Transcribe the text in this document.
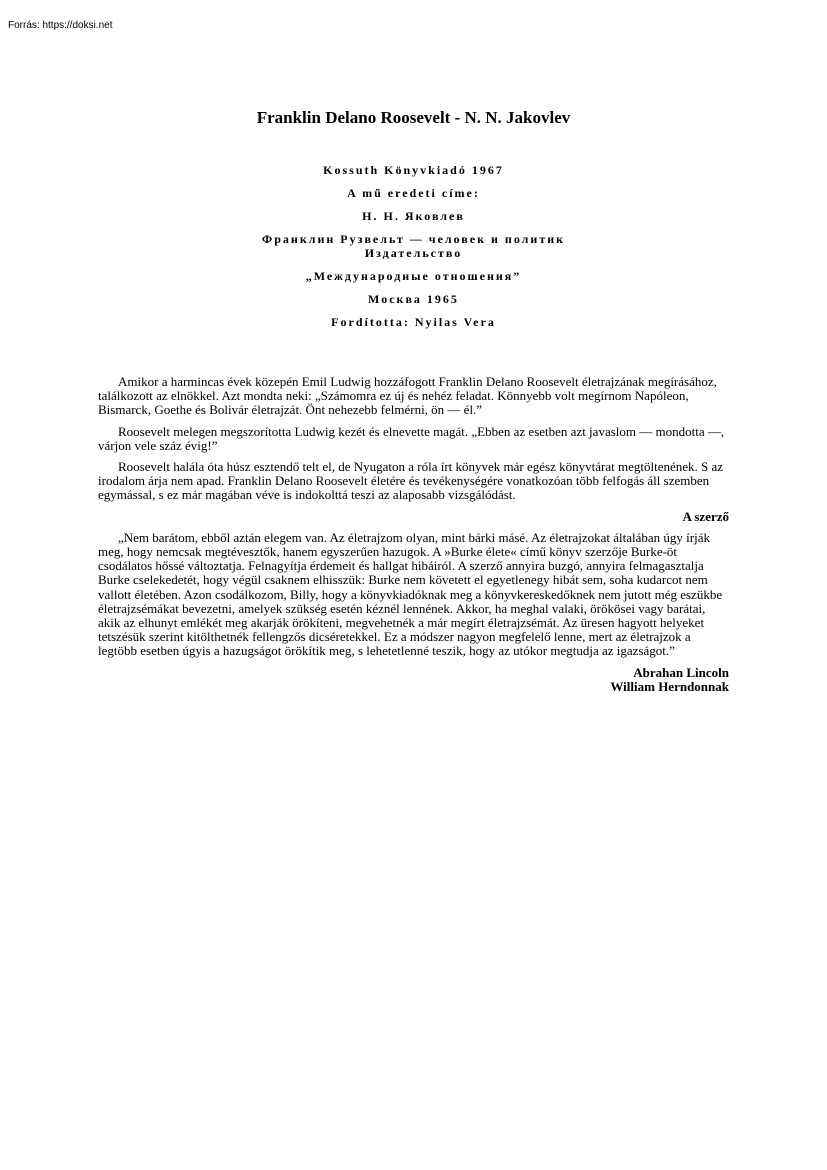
Forrás: https://doksi.net
Franklin Delano Roosevelt - N. N. Jakovlev

Kossuth Könyvkiadó 1967

A mű eredeti címe:

Н. Н. Яковлев

Франклин Рузвельт — человек и политик

Издательство

„Международные отношения”

Москва 1965

Fordította: Nyilas Vera

Amikor a harmincas évek közepén Emil Ludwig hozzáfogott Franklin Delano Roosevelt életrajzának megírásához, találkozott az elnökkel. Azt mondta neki: „Számomra ez új és nehéz feladat. Könnyebb volt megírnom Napóleon, Bismarck, Goethe és Bolivár életrajzát. Önt nehezebb felmérni, ön — él.”

Roosevelt melegen megszorította Ludwig kezét és elnevette magát. „Ebben az esetben azt javaslom — mondotta —, várjon vele száz évig!”

Roosevelt halála óta húsz esztendő telt el, de Nyugaton a róla írt könyvek már egész könyvtárat megtöltenének. S az irodalom árja nem apad. Franklin Delano Roosevelt életére és tevékenységére vonatkozóan több felfogás áll szemben egymással, s ez már magában véve is indokolttá teszi az alaposabb vizsgálódást.

A szerző

„Nem barátom, ebből aztán elegem van. Az életrajzom olyan, mint bárki másé. Az életrajzokat általában úgy írják meg, hogy nemcsak megtévesztők, hanem egyszerűen hazugok. A »Burke élete« című könyv szerzője Burke-öt csodálatos hőssé változtatja. Felnagyítja érdemeit és hallgat hibáiról. A szerző annyira buzgó, annyira felmagasztalja Burke cselekedetét, hogy végül csaknem elhisszük: Burke nem követett el egyetlenegy hibát sem, soha kudarcot nem vallott életében. Azon csodálkozom, Billy, hogy a könyvkiadóknak meg a könyvkereskedőknek nem jutott még eszükbe életrajzsémákat bevezetni, amelyek szükség esetén kéznél lennének. Akkor, ha meghal valaki, örökösei vagy barátai, akik az elhunyt emlékét meg akarják örökíteni, megvehetnék a már megírt életrajzsémát. Az üresen hagyott helyeket tetszésük szerint kitölthetnék fellengzős dicséretekkel. Ez a módszer nagyon megfelelő lenne, mert az életrajzok a legtöbb esetben úgyis a hazugságot örökítik meg, s lehetetlenné teszik, hogy az utókor megtudja az igazságot.”

Abrahan Lincoln

William Herndonnak
